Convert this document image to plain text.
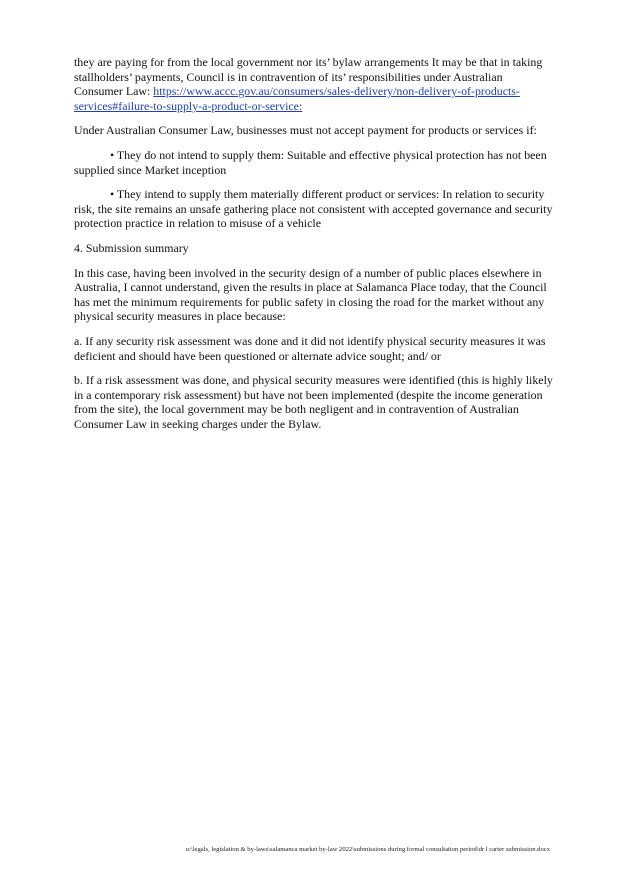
they are paying for from the local government nor its’ bylaw arrangements It may be that in taking stallholders’ payments, Council is in contravention of its’ responsibilities under Australian Consumer Law: https://www.accc.gov.au/consumers/sales-delivery/non-delivery-of-products-services#failure-to-supply-a-product-or-service:

Under Australian Consumer Law, businesses must not accept payment for products or services if:

• They do not intend to supply them: Suitable and effective physical protection has not been supplied since Market inception

• They intend to supply them materially different product or services: In relation to security risk, the site remains an unsafe gathering place not consistent with accepted governance and security protection practice in relation to misuse of a vehicle

4. Submission summary

In this case, having been involved in the security design of a number of public places elsewhere in Australia, I cannot understand, given the results in place at Salamanca Place today, that the Council has met the minimum requirements for public safety in closing the road for the market without any physical security measures in place because:

a. If any security risk assessment was done and it did not identify physical security measures it was deficient and should have been questioned or alternate advice sought; and/ or

b. If a risk assessment was done, and physical security measures were identified (this is highly likely in a contemporary risk assessment) but have not been implemented (despite the income generation from the site), the local government may be both negligent and in contravention of Australian Consumer Law in seeking charges under the Bylaw.

u:\legals, legislation & by-laws\salamanca market by-law 2022\submissions during formal consultation period\dr l carter submission.docx
